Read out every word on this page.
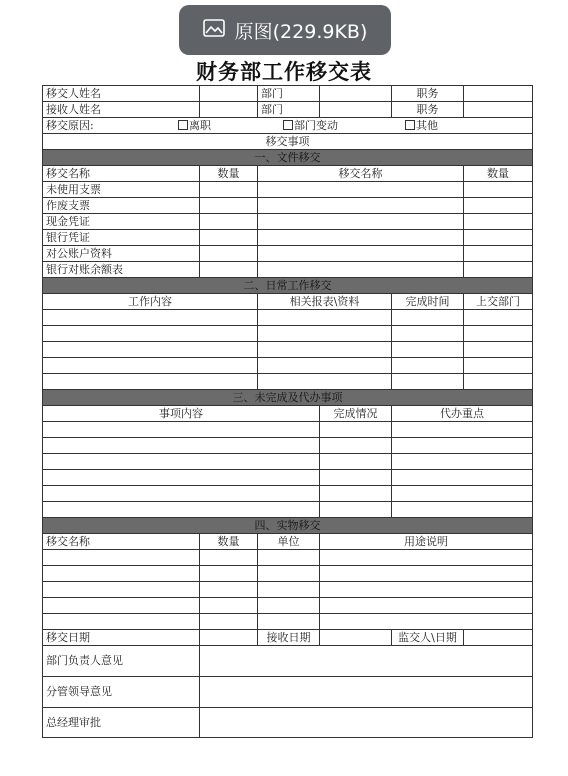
原图(229.9KB)
财务部工作移交表
移交人姓名		部门		职务	
接收人姓名		部门		职务	
移交原因: 离职 部门变动 其他					

移交事项					
一、文件移交					
移交名称	数量	移交名称			数量
未使用支票					
作废支票					
现金凭证					
银行凭证					
对公账户资料					
银行对账余额表					
二、日常工作移交					
工作内容		相关报表\资料		完成时间	上交部门

三、未完成及代办事项					
事项内容			完成情况	代办重点	

四、实物移交					
移交名称	数量	单位	用途说明		

移交日期		接收日期		监交人\日期	
部门负责人意见					
分管领导意见					
总经理审批					
